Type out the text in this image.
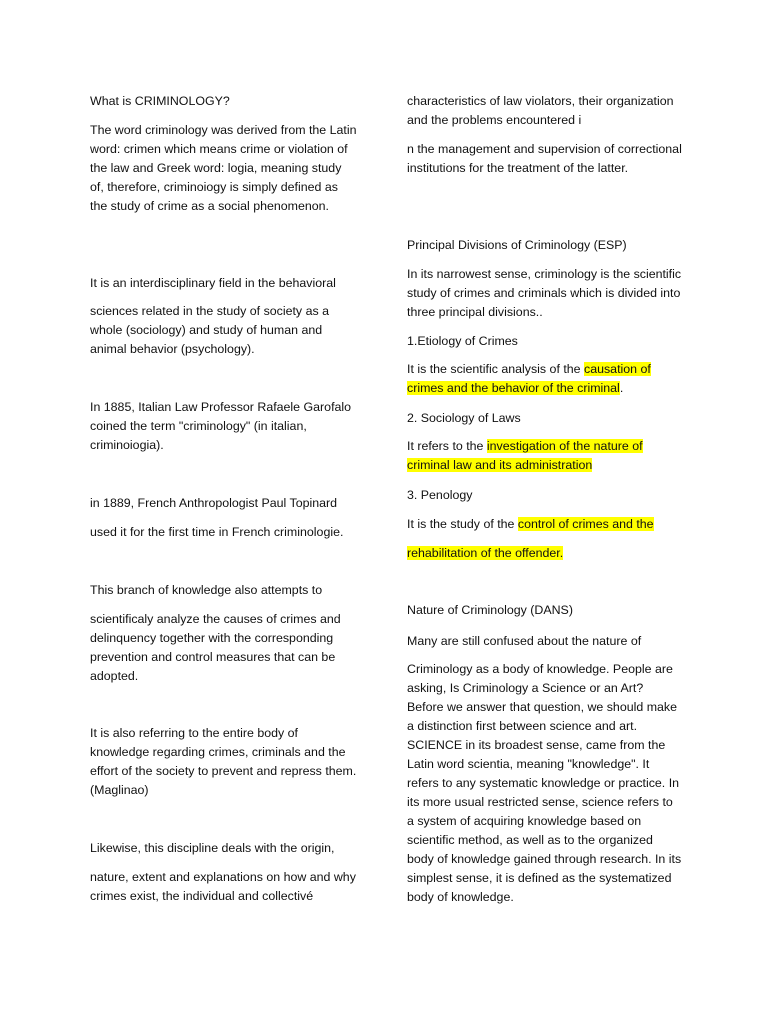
What is CRIMINOLOGY?

The word criminology was derived from the Latin word: crimen which means crime or violation of the law and Greek word: logia, meaning study of, therefore, criminoiogy is simply defined as the study of crime as a social phenomenon.

It is an interdisciplinary field in the behavioral

sciences related in the study of society as a whole (sociology) and study of human and animal behavior (psychology).

In 1885, Italian Law Professor Rafaele Garofalo coined the term "criminology" (in italian, criminoiogia).

in 1889, French Anthropologist Paul Topinard

used it for the first time in French criminologie.

This branch of knowledge also attempts to

scientificaly analyze the causes of crimes and delinquency together with the corresponding prevention and control measures that can be adopted.

It is also referring to the entire body of knowledge regarding crimes, criminals and the effort of the society to prevent and repress them. (Maglinao)

Likewise, this discipline deals with the origin,

nature, extent and explanations on how and why crimes exist, the individual and collectivé

characteristics of law violators, their organization and the problems encountered i

n the management and supervision of correctional institutions for the treatment of the latter.

Principal Divisions of Criminology (ESP)

In its narrowest sense, criminology is the scientific study of crimes and criminals which is divided into three principal divisions..

1.Etiology of Crimes

It is the scientific analysis of the causation of crimes and the behavior of the criminal.

2. Sociology of Laws

It refers to the investigation of the nature of criminal law and its administration

3. Penology

It is the study of the control of crimes and the

rehabilitation of the offender.

Nature of Criminology (DANS)

Many are still confused about the nature of

Criminology as a body of knowledge. People are asking, Is Criminology a Science or an Art? Before we answer that question, we should make a distinction first between science and art. SCIENCE in its broadest sense, came from the Latin word scientia, meaning "knowledge". It refers to any systematic knowledge or practice. In its more usual restricted sense, science refers to a system of acquiring knowledge based on scientific method, as well as to the organized body of knowledge gained through research. In its simplest sense, it is defined as the systematized body of knowledge.
